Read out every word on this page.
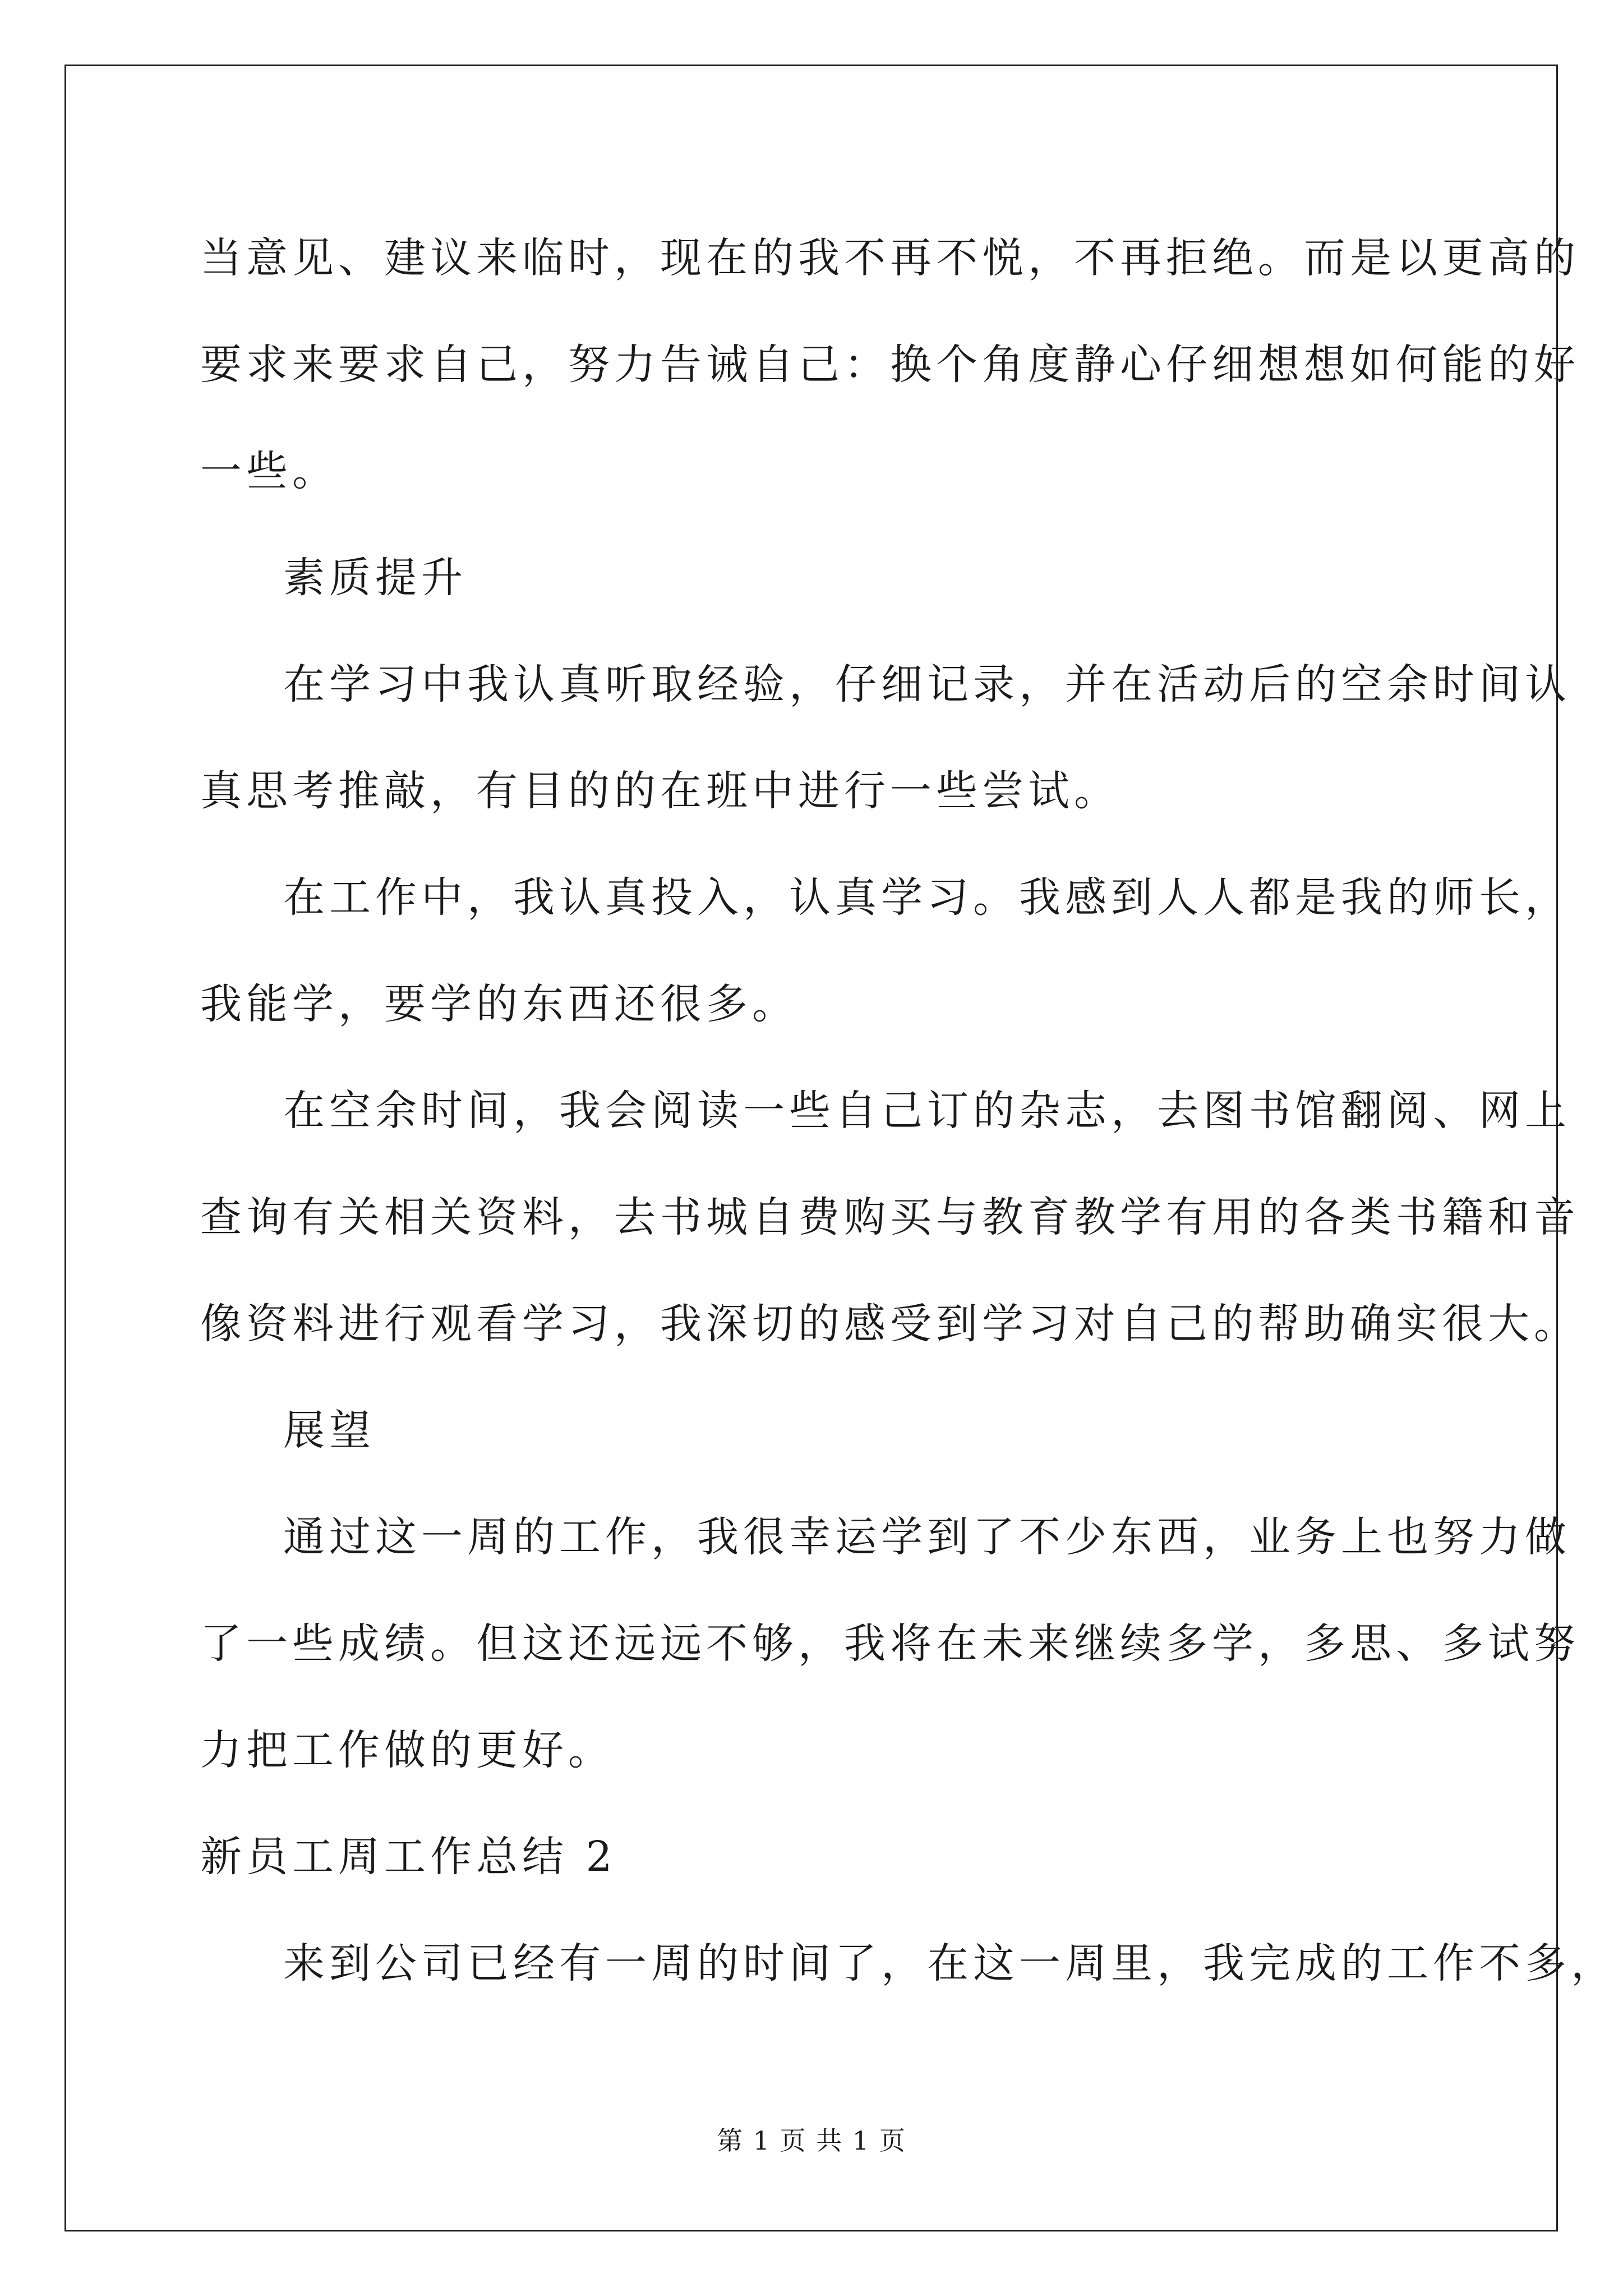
当意见、建议来临时，现在的我不再不悦，不再拒绝。而是以更高的

要求来要求自己，努力告诫自己：换个角度静心仔细想想如何能的好

一些。

素质提升

在学习中我认真听取经验，仔细记录，并在活动后的空余时间认

真思考推敲，有目的的在班中进行一些尝试。

在工作中，我认真投入，认真学习。我感到人人都是我的师长，

我能学，要学的东西还很多。

在空余时间，我会阅读一些自己订的杂志，去图书馆翻阅、网上

查询有关相关资料，去书城自费购买与教育教学有用的各类书籍和音

像资料进行观看学习，我深切的感受到学习对自己的帮助确实很大。

展望

通过这一周的工作，我很幸运学到了不少东西，业务上也努力做

了一些成绩。但这还远远不够，我将在未来继续多学，多思、多试努

力把工作做的更好。

新员工周工作总结 2

来到公司已经有一周的时间了，在这一周里，我完成的工作不多，

第 1 页 共 1 页
